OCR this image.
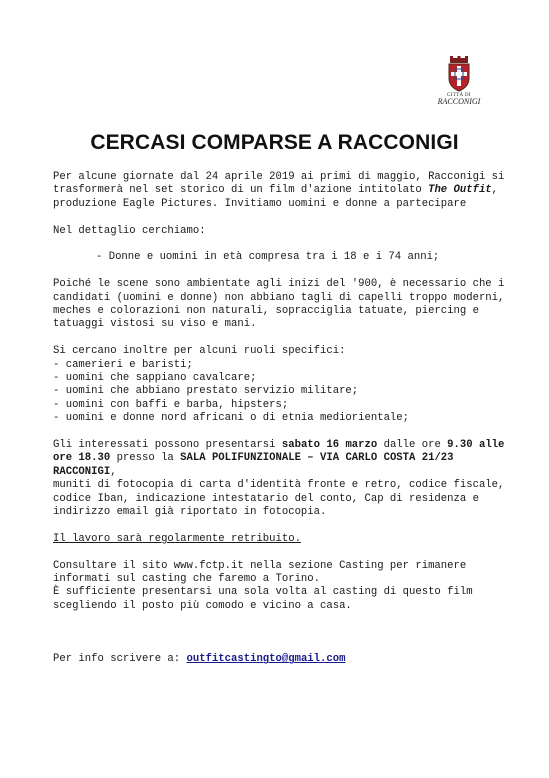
CITTÀ DI
RACCONIGI
CERCASI COMPARSE A RACCONIGI

Per alcune giornate dal 24 aprile 2019 ai primi di maggio, Racconigi si trasformerà nel set storico di un film d'azione intitolato The Outfit, produzione Eagle Pictures. Invitiamo uomini e donne a partecipare

Nel dettaglio cerchiamo:

- Donne e uomini in età compresa tra i 18 e i 74 anni;

Poiché le scene sono ambientate agli inizi del '900, è necessario che i candidati (uomini e donne) non abbiano tagli di capelli troppo moderni, meches e colorazioni non naturali, sopracciglia tatuate, piercing e tatuaggi vistosi su viso e mani.

Si cercano inoltre per alcuni ruoli specifici:

- camerieri e baristi;

- uomini che sappiano cavalcare;

- uomini che abbiano prestato servizio militare;

- uomini con baffi e barba, hipsters;

- uomini e donne nord africani o di etnia mediorientale;

Gli interessati possono presentarsi sabato 16 marzo dalle ore 9.30 alle ore 18.30 presso la SALA POLIFUNZIONALE – VIA CARLO COSTA 21/23 RACCONIGI,

muniti di fotocopia di carta d'identità fronte e retro, codice fiscale, codice Iban, indicazione intestatario del conto, Cap di residenza e indirizzo email già riportato in fotocopia.

Il lavoro sarà regolarmente retribuito.

Consultare il sito www.fctp.it nella sezione Casting per rimanere informati sul casting che faremo a Torino.

È sufficiente presentarsi una sola volta al casting di questo film scegliendo il posto più comodo e vicino a casa.

Per info scrivere a: outfitcastingto@gmail.com
